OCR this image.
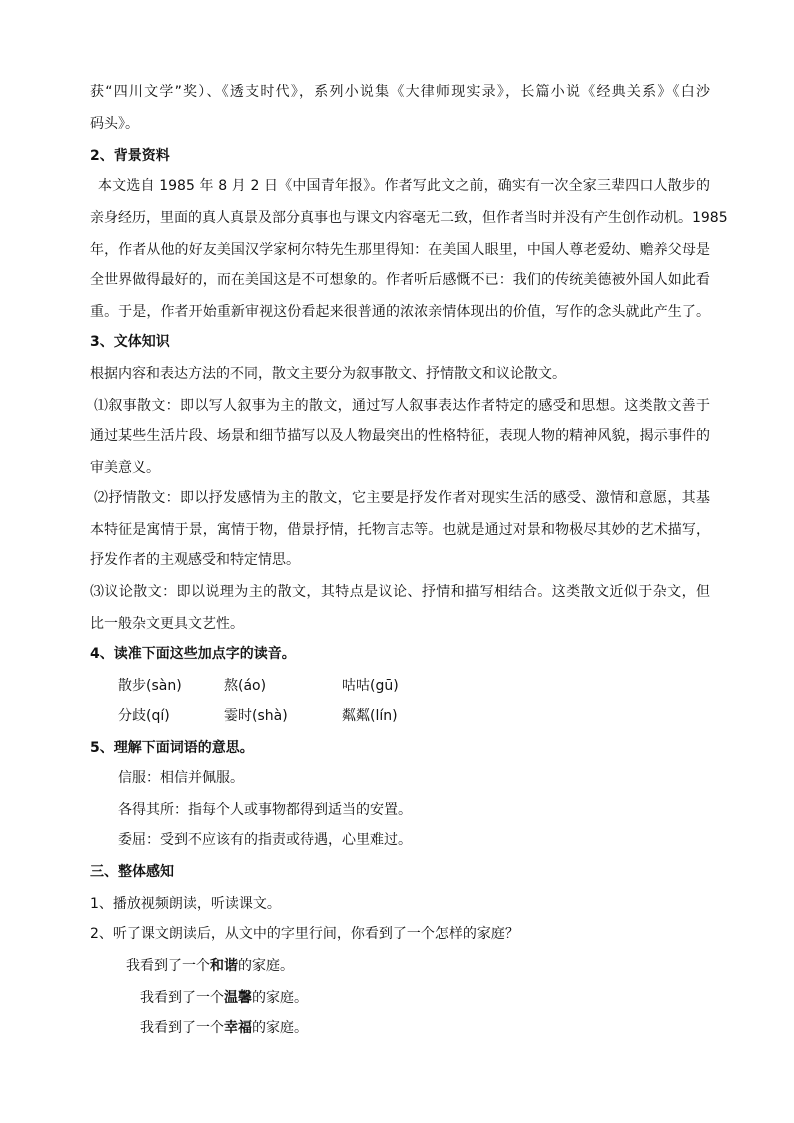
获“四川文学”奖）、《透支时代》，系列小说集《大律师现实录》，长篇小说《经典关系》《白沙
码头》。
2、背景资料
本文选自 1985 年 8 月 2 日《中国青年报》。作者写此文之前，确实有一次全家三辈四口人散步的
亲身经历，里面的真人真景及部分真事也与课文内容毫无二致，但作者当时并没有产生创作动机。1985
年，作者从他的好友美国汉学家柯尔特先生那里得知：在美国人眼里，中国人尊老爱幼、赡养父母是
全世界做得最好的，而在美国这是不可想象的。作者听后感慨不已：我们的传统美德被外国人如此看
重。于是，作者开始重新审视这份看起来很普通的浓浓亲情体现出的价值，写作的念头就此产生了。
3、文体知识
根据内容和表达方法的不同，散文主要分为叙事散文、抒情散文和议论散文。
⑴叙事散文：即以写人叙事为主的散文，通过写人叙事表达作者特定的感受和思想。这类散文善于
通过某些生活片段、场景和细节描写以及人物最突出的性格特征，表现人物的精神风貌，揭示事件的
审美意义。
⑵抒情散文：即以抒发感情为主的散文，它主要是抒发作者对现实生活的感受、激情和意愿，其基
本特征是寓情于景，寓情于物，借景抒情，托物言志等。也就是通过对景和物极尽其妙的艺术描写，
抒发作者的主观感受和特定情思。
⑶议论散文：即以说理为主的散文，其特点是议论、抒情和描写相结合。这类散文近似于杂文，但
比一般杂文更具文艺性。
4、读准下面这些加点字的读音。
散步(sàn)	熬(áo)	咕咕(gū)
分歧(qí)	霎时(shà)	粼粼(lín)
5、理解下面词语的意思。
信服：相信并佩服。
各得其所：指每个人或事物都得到适当的安置。
委屈：受到不应该有的指责或待遇，心里难过。
三、整体感知
1、播放视频朗读，听读课文。
2、听了课文朗读后，从文中的字里行间，你看到了一个怎样的家庭？
我看到了一个和谐的家庭。
我看到了一个温馨的家庭。
我看到了一个幸福的家庭。
